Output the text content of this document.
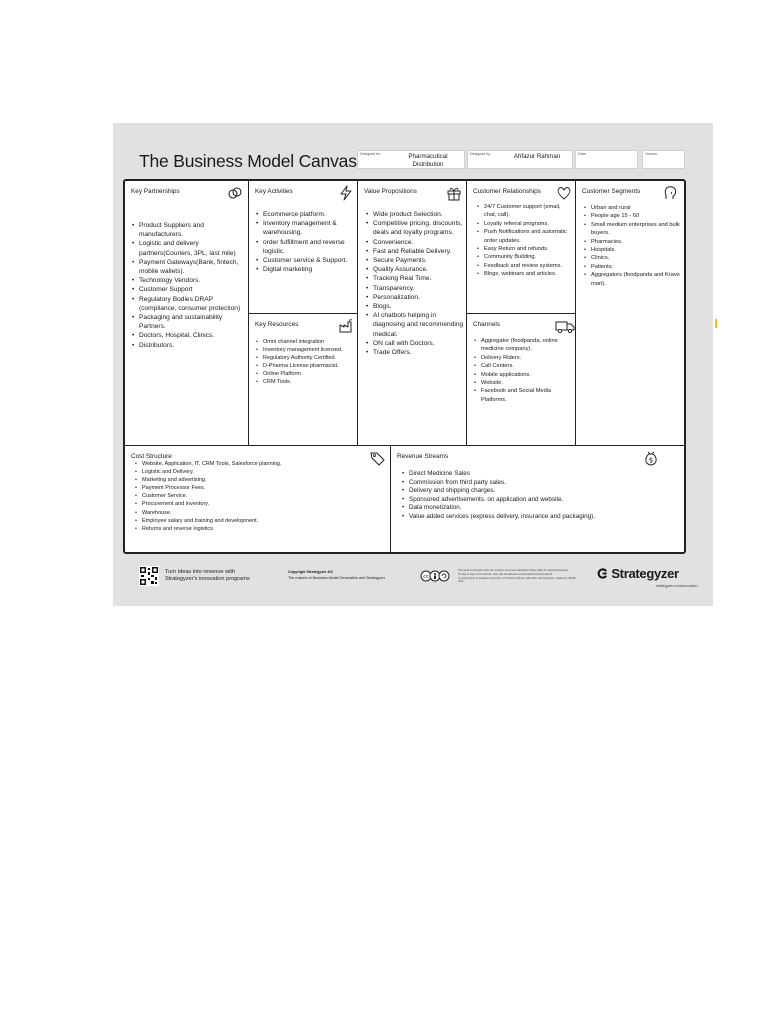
The Business Model Canvas Designed for:	Pharmacutical Distribution
Designed by:	Ahfazur Rahman	Date:	Version:
Key Partnerships
• Product Suppliers and manufacturers.
• Logistic and delivery partners(Couriers, 3PL, last mile)
• Payment Gateways(Bank, fintech, mobile wallets).
• Technology Vendors.
• Customer Support
• Regulatory Bodies DRAP (compliance, consumer protection)
• Packaging and sustainability Partners.
• Doctors, Hospital, Clinics.
• Distributors.
Key Activities
• Ecommerce platform.
• Inventory management & warehousing.
• order fulfillment and reverse logistic.
• Customer service & Support.
• Digital marketing
Key Resources
• Omni channel integration
• Inventory management licensed.
• Regulatory Authority Certified.
• D-Pharma License pharmacist.
• Online Platform
• CRM Tools.
Value Propositions
• Wide product Selection.
• Competitive pricing, discounts, deals and loyalty programs.
• Convenience.
• Fast and Reliable Delivery.
• Secure Payments.
• Quality Assurance.
• Tracking Real Time.
• Transparency.
• Personalization.
• Blogs.
• AI chatbots helping in diagnosing and recommending medical.
• ON call with Doctors.
• Trade Offers.
Customer Relationships
• 24/7 Customer support (email, chat, call).
• Loyalty referral programs.
• Push Notifications and automatic order updates.
• Easy Return and refunds.
• Community Building.
• Feedback and review systems.
• Blogs, webinars and articles.
Channels
• Aggregator (foodpanda, online medicine company).
• Delivery Riders.
• Call Centers.
• Mobile applications.
• Website.
• Facebook and Social Media Platforms.
Customer Segments
• Urban and rural
• People age 15 - 60
• Small medium enterprises and bulk buyers.
• Pharmacies.
• Hospitals.
• Clinics.
• Patients.
• Aggregators (foodpanda and Krave mart).
Cost Structure
• Website, Application, IT, CRM Tools, Salesforce planning.
• Logistic and Delivery.
• Marketing and advertising.
• Payment Processor Fees.
• Customer Service.
• Procurement and inventory.
• Warehouse.
• Employee salary and training and development.
• Returns and reverse logistics.
Revenue Streams	$
• Direct Medicine Sales
• Commission from third party sales.
• Delivery and shipping charges.
• Sponsored advertisements. on application and website.
• Data monetization.
• Value added services (express delivery, insurance and packaging).
Turn ideas into revenue with
Strategyzer's innovation programs
Copyright Strategyzer AG
The makers of Business Model Generation and Strategyzer	cc
This work is licensed under the Creative Commons Attribution-Share Alike 3.0 Unported License.
To view a copy of this license, visit: http://creativecommons.org/licenses/by-sa/3.0/
or send a letter to Creative Commons, 171 Second Street, Suite 300, San Francisco, California, 94105, USA.
Strategyzer
strategyzer.com/innovation
